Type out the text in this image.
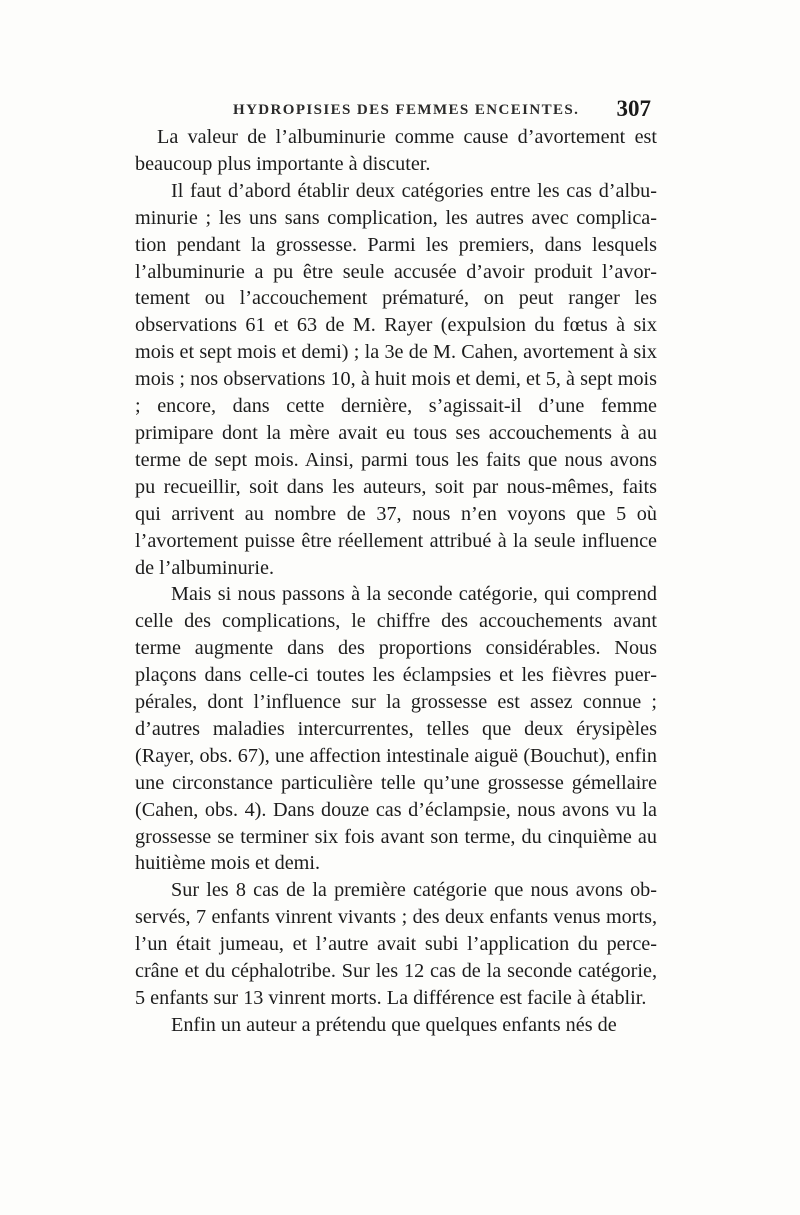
HYDROPISIES DES FEMMES ENCEINTES. 307

La valeur de l’albuminurie comme cause d’avortement est beaucoup plus importante à discuter.

Il faut d’abord établir deux catégories entre les cas d’albuminurie ; les uns sans complication, les autres avec complication pendant la grossesse. Parmi les premiers, dans lesquels l’albuminurie a pu être seule accusée d’avoir produit l’avortement ou l’accouchement prématuré, on peut ranger les observations 61 et 63 de M. Rayer (expulsion du fœtus à six mois et sept mois et demi) ; la 3e de M. Cahen, avortement à six mois ; nos observations 10, à huit mois et demi, et 5, à sept mois ; encore, dans cette dernière, s’agissait-il d’une femme primipare dont la mère avait eu tous ses accouchements à au terme de sept mois. Ainsi, parmi tous les faits que nous avons pu recueillir, soit dans les auteurs, soit par nous-mêmes, faits qui arrivent au nombre de 37, nous n’en voyons que 5 où l’avortement puisse être réellement attribué à la seule influence de l’albuminurie.

Mais si nous passons à la seconde catégorie, qui comprend celle des complications, le chiffre des accouchements avant terme augmente dans des proportions considérables. Nous plaçons dans celle-ci toutes les éclampsies et les fièvres puerpérales, dont l’influence sur la grossesse est assez connue ; d’autres maladies intercurrentes, telles que deux érysipèles (Rayer, obs. 67), une affection intestinale aiguë (Bouchut), enfin une circonstance particulière telle qu’une grossesse gémellaire (Cahen, obs. 4). Dans douze cas d’éclampsie, nous avons vu la grossesse se terminer six fois avant son terme, du cinquième au huitième mois et demi.

Sur les 8 cas de la première catégorie que nous avons observés, 7 enfants vinrent vivants ; des deux enfants venus morts, l’un était jumeau, et l’autre avait subi l’application du perce-crâne et du céphalotribe. Sur les 12 cas de la seconde catégorie, 5 enfants sur 13 vinrent morts. La différence est facile à établir.

Enfin un auteur a prétendu que quelques enfants nés de
